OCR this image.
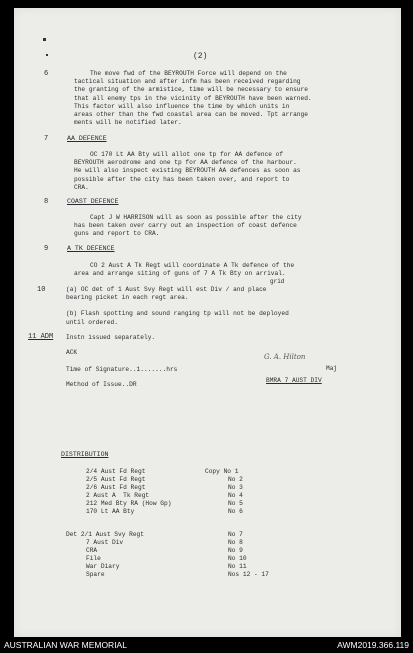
(2)
6	The move fwd of the BEYROUTH Force will depend on the
tactical situation and after infm has been received regarding
the granting of the armistice, time will be necessary to ensure
that all enemy tps in the vicinity of BEYROUTH have been warned.
This factor will also influence the time by which units in
areas other than the fwd coastal area can be moved. Tpt arrange
ments will be notified later.
7	AA DEFENCE
OC 170 Lt AA Bty will allot one tp for AA defence of
BEYROUTH aerodrome and one tp for AA defence of the harbour.
He will also inspect existing BEYROUTH AA defences as soon as
possible after the city has been taken over, and report to
CRA.
8	COAST DEFENCE
Capt J W HARRISON will as soon as possible after the city
has been taken over carry out an inspection of coast defence
guns and report to CRA.
9	A TK DEFENCE
CO 2 Aust A Tk Regt will coordinate A Tk defence of the
area and arrange siting of guns of 7 A Tk Bty on arrival.
grid
10	(a) OC det of 1 Aust Svy Regt will est Div / and place
bearing picket in each regt area.
(b) Flash spotting and sound ranging tp will not be deployed
until ordered.
11 ADM Instn issued separately.
ACK
Time of Signature..1.......hrs
Method of Issue..DR
G. A. Hilton
Maj
BMRA 7 AUST DIV
DISTRIBUTION
2/4 Aust Fd Regt	Copy No 1
2/5 Aust Fd Regt	No 2
2/6 Aust Fd Regt	No 3
2 Aust A  Tk Regt	No 4
212 Med Bty RA (How Gp)	No 5
170 Lt AA Bty	No 6
Det 2/1 Aust Svy Regt	No 7
7 Aust Div	No 8
CRA	No 9
File	No 10
War Diary	No 11
Spare	Nos 12 - 17
AUSTRALIAN WAR MEMORIAL	AWM2019.366.119
